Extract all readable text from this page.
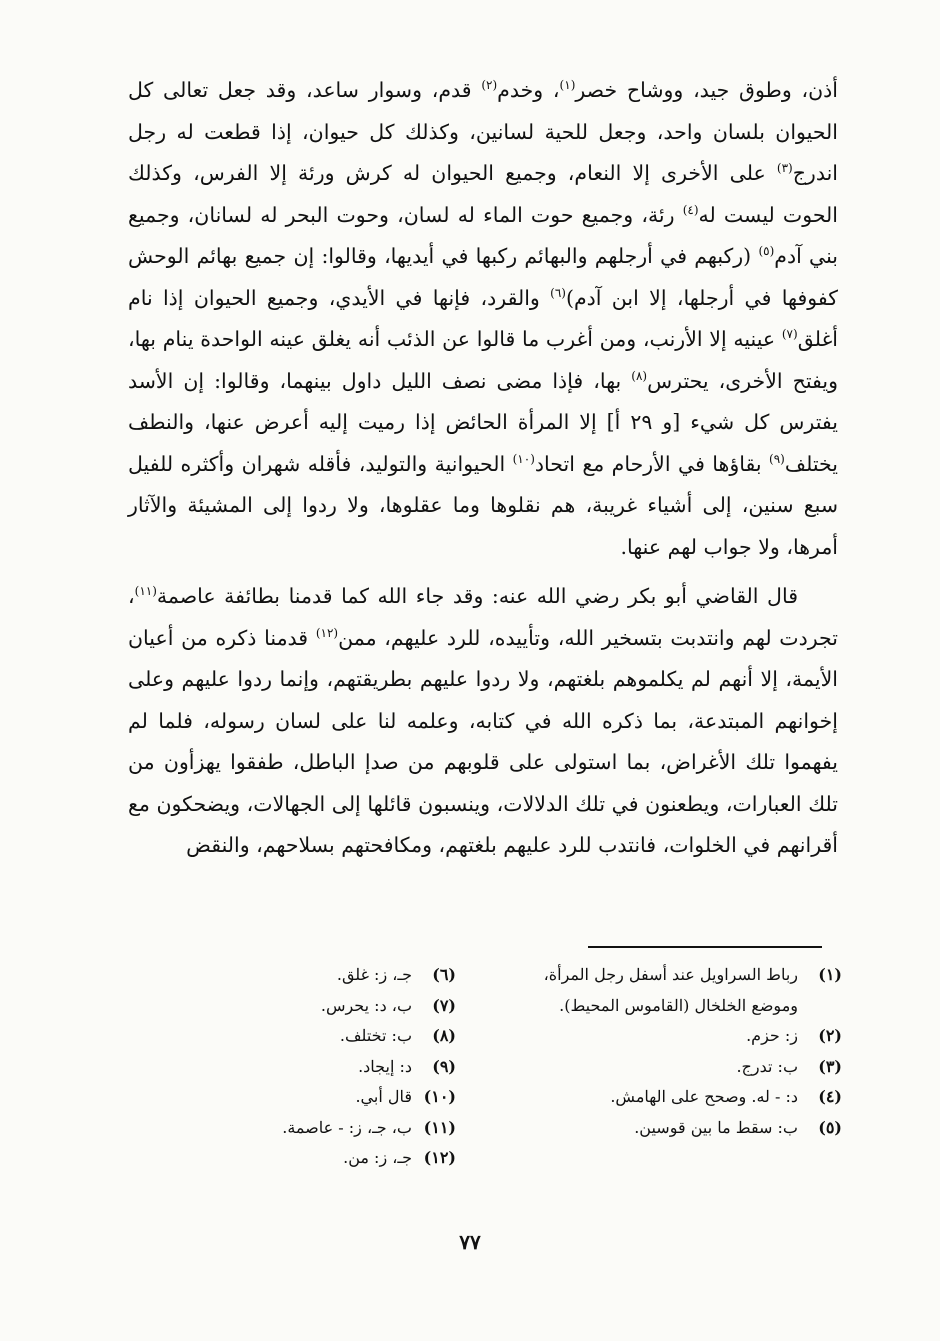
أذن، وطوق جيد، ووشاح خصر$^{(١)}$، وخدم$^{(٢)}$ قدم، وسوار ساعد، وقد جعل تعالى كل الحيوان بلسان واحد، وجعل للحية لسانين، وكذلك كل حيوان، إذا قطعت له رجل اندرج$^{(٣)}$ على الأخرى إلا النعام، وجميع الحيوان له كرش ورئة إلا الفرس، وكذلك الحوت ليست له$^{(٤)}$ رئة، وجميع حوت الماء له لسان، وحوت البحر له لسانان، وجميع بني آدم$^{(٥)}$ (ركبهم في أرجلهم والبهائم ركبها في أيديها، وقالوا: إن جميع بهائم الوحش كفوفها في أرجلها، إلا ابن آدم)$^{(٦)}$ والقرد، فإنها في الأيدي، وجميع الحيوان إذا نام أغلق$^{(٧)}$ عينيه إلا الأرنب، ومن أغرب ما قالوا عن الذئب أنه يغلق عينه الواحدة ينام بها، ويفتح الأخرى، يحترس$^{(٨)}$ بها، فإذا مضى نصف الليل داول بينهما، وقالوا: إن الأسد يفترس كل شيء [و ٢٩ أ] إلا المرأة الحائض إذا رميت إليه أعرض عنها، والنطف يختلف$^{(٩)}$ بقاؤها في الأرحام مع اتحاد$^{(١٠)}$ الحيوانية والتوليد، فأقله شهران وأكثره للفيل سبع سنين، إلى أشياء غريبة، هم نقلوها وما عقلوها، ولا ردوا إلى المشيئة والآثار أمرها، ولا جواب لهم عنها.

قال القاضي أبو بكر رضي الله عنه: وقد جاء الله كما قدمنا بطائفة عاصمة$^{(١١)}$، تجردت لهم وانتدبت بتسخير الله، وتأييده، للرد عليهم، ممن$^{(١٢)}$ قدمنا ذكره من أعيان الأيمة، إلا أنهم لم يكلموهم بلغتهم، ولا ردوا عليهم بطريقتهم، وإنما ردوا عليهم وعلى إخوانهم المبتدعة، بما ذكره الله في كتابه، وعلمه لنا على لسان رسوله، فلما لم يفهموا تلك الأغراض، بما استولى على قلوبهم من صدإ الباطل، طفقوا يهزأون من تلك العبارات، ويطعنون في تلك الدلالات، وينسبون قائلها إلى الجهالات، ويضحكون مع أقرانهم في الخلوات، فانتدب للرد عليهم بلغتهم، ومكافحتهم بسلاحهم، والنقض

(١)
رباط السراويل عند أسفل رجل المرأة، وموضع الخلخال (القاموس المحيط).
(٢)
ز: حزم.
(٣)
ب: تدرج.
(٤)
د: - له. وصحح على الهامش.
(٥)
ب: سقط ما بين قوسين.
(٦)
جـ، ز: غلق.
(٧)
ب، د: يحرس.
(٨)
ب: تختلف.
(٩)
د: إيجاد.
(١٠)
قال أبي.
(١١)
ب، جـ، ز: - عاصمة.
(١٢)
جـ، ز: من.
٧٧
